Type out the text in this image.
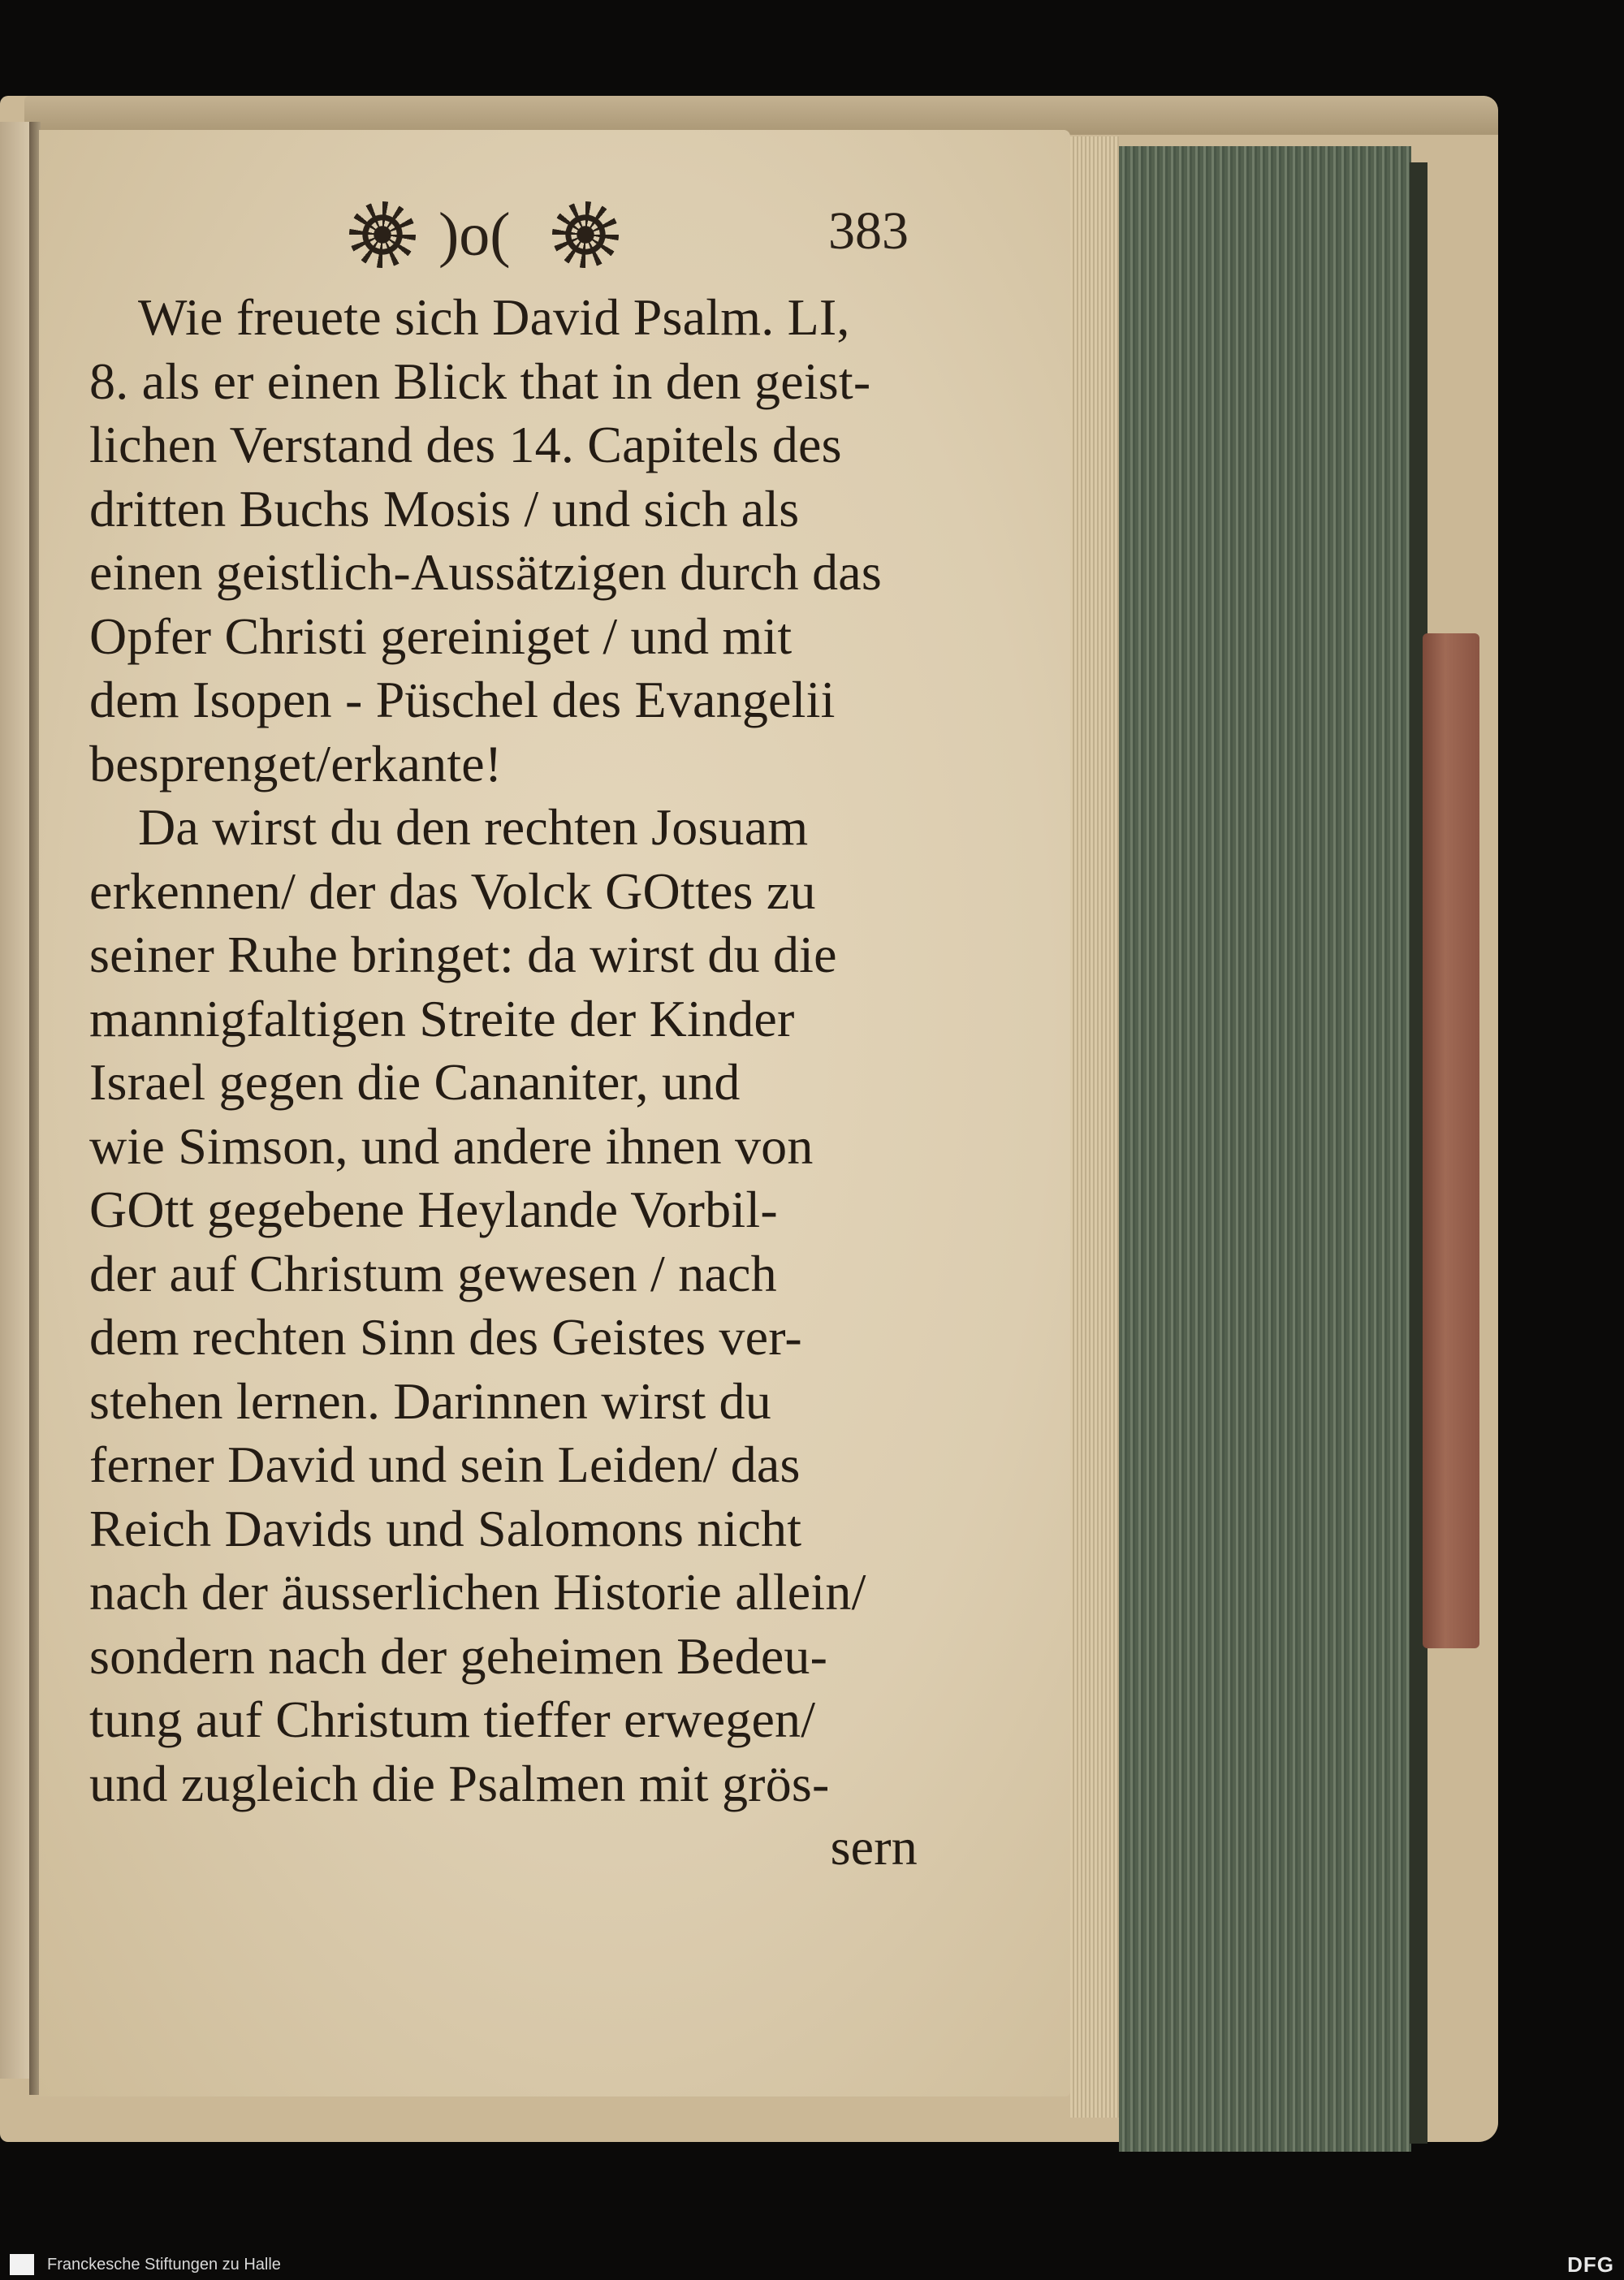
)o(	383
Wie freuete sich David Psalm. LI,
8. als er einen Blick that in den geist-
lichen Verstand des 14. Capitels des
dritten Buchs Mosis / und sich als
einen geistlich-Aussätzigen durch das
Opfer Christi gereiniget / und mit
dem Isopen - Püschel des Evangelii
besprenget/erkante!
Da wirst du den rechten Josuam
erkennen/ der das Volck GOttes zu
seiner Ruhe bringet: da wirst du die
mannigfaltigen Streite der Kinder
Israel gegen die Cananiter, und
wie Simson, und andere ihnen von
GOtt gegebene Heylande Vorbil-
der auf Christum gewesen / nach
dem rechten Sinn des Geistes ver-
stehen lernen. Darinnen wirst du
ferner David und sein Leiden/ das
Reich Davids und Salomons nicht
nach der äusserlichen Historie allein/
sondern nach der geheimen Bedeu-
tung auf Christum tieffer erwegen/
und zugleich die Psalmen mit grös-
sern
Franckesche Stiftungen zu Halle	DFG
